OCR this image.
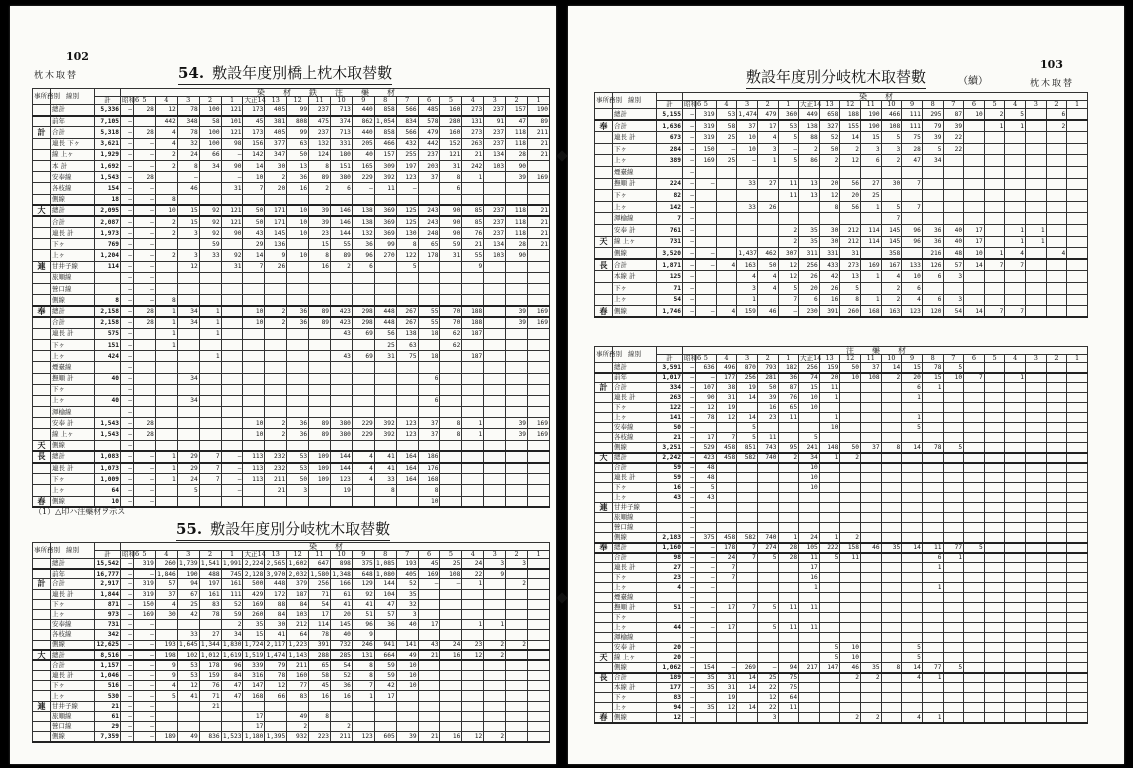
102
枕木取替	54. 敷設年度別橋上枕木取替數
事所務別	線別		染材鉄注藥材																			
		計	昭和6	5	4	3	2	1	大正14	13	12	11	10	9	8	7	6	5	4	3	2	1
	總計	5,336	—	28	12	78	100	121	173	405	99	237	713	440	858	566	485	160	273	237	157	190
	前年	7,105	—		442	348	58	101	45	381	808	475	374	862	1,054	834	578	280	131	91	47	89
計	合計	5,318	—	28	4	78	100	121	173	405	99	237	713	440	858	566	479	160	273	237	118	211
	連長 下ヶ	3,621	—	—	4	32	100	98	156	377	63	132	331	205	466	432	442	152	263	237	118	21
	線 上ヶ	1,929	—	—	2	24	66	—	142	347	50	124	180	40	157	255	237	121	21	134	28	21
	本 計	1,692	—	—	2	8	34	90	14	30	13	8	151	165	309	197	203	31	242	103	90	
	安奉線	1,543	—	28		—		—	10	2	36	89	380	229	392	123	37	8	1		39	169
	各枝線	154	—	—		46		31	7	20	16	2	6	—	11	—		6				
	側線	18	—	—	8																	
大	總計	2,095	—	—	10	15	92	121	50	171	10	39	146	138	369	125	243	90	85	237	118	21
	合計	2,087	—	—	2	15	92	121	50	171	10	39	146	138	369	125	243	90	85	237	118	21
	連長 計	1,973	—	—	2	3	92	90	43	145	10	23	144	132	369	130	248	90	76	237	118	21
	下ヶ	769	—	—			59		29	136		15	55	36	99	8	65	59	21	134	28	21
	上ヶ	1,204	—	—	2	3	33	92	14	9	10	8	89	96	270	122	178	31	55	103	90	
連	甘井子線	114	—	—		12		31	7	26		16	2	6		5			9			
	旅順線		—	—																		
	營口線		—	—																		
	側線	8	—	—	8																	
奉	總計	2,158	—	28	1	34	1		10	2	36	89	423	298	448	267	55	70	188		39	169
	合計	2,158	—	28	1	34	1		10	2	36	89	423	298	448	267	55	70	188		39	169
	連長 計	575	—		1		1						43	69	56	138	18	62	187			
	下ヶ	151	—		1										25	63		62				
	上ヶ	424	—				1						43	69	31	75	18		187			
	煙臺線		—																			
	撫順 計	40	—			34											6					
	下ヶ		—																			
	上ヶ	40	—			34											6					
	渾榆線		—																			
	安奉 計	1,543	—	28					10	2	36	89	380	229	392	123	37	8	1		39	169
	線 上ヶ	1,543	—	28					10	2	36	89	380	229	392	123	37	8	1		39	169
天	側線		—																			
長	總計	1,083	—	—	1	29	7	—	113	232	53	109	144	4	41	164	186					
	連長 計	1,073	—	—	1	29	7	—	113	232	53	109	144	4	41	164	176					
	下ヶ	1,009	—	—	1	24	7	—	113	211	50	109	123	4	33	164	168					
	上ヶ	64	—	—		5		—		21	3		19		8		8					
春	側線	10	—	—													10					
（1）△印ハ注藥材ヲ示ス
55. 敷設年度別分岐枕木取替數
事所務別	線別		染材																			
		計	昭和6	5	4	3	2	1	大正14	13	12	11	10	9	8	7	6	5	4	3	2	1
	總計	15,542	—	319	260	1,739	1,541	1,991	2,224	2,565	1,602	647	898	375	1,085	193	45	25	24	3	3	
	前年	16,777	—	—	1,846	190	488	745	2,128	3,970	2,032	1,580	1,348	648	1,080	405	169	108	22	9		
計	合計	2,917	—	319	57	94	197	161	500	448	379	256	166	129	144	52	—	—	1		2	
	連長 計	1,844	—	319	37	67	161	111	429	172	187	71	61	92	104	35						
	下ヶ	871	—	150	4	25	83	52	169	88	84	54	41	41	47	32						
	上ヶ	973	—	169	30	42	78	59	260	84	103	17	20	51	57	3						
	安奉線	731	—	—				2	35	30	212	114	145	96	36	40	17		1	1		
	各枝線	342	—	—		33	27	34	15	41	64	78	40	9								
	側線	12,625	—	—	193	1,645	1,344	1,830	1,724	2,117	1,223	391	732	246	941	141	43	24	23	2	2	
大	總計	8,516	—	—	198	102	1,012	1,619	1,519	1,474	1,143	288	285	131	664	49	21	16	12	2		
	合計	1,157	—	—	9	53	178	96	339	79	211	65	54	8	59	10						
	連長 計	1,046	—	—	9	53	159	84	316	78	160	58	52	8	59	10						
	下ヶ	516	—	—	4	12	76	47	147	12	77	45	36	7	42	10						
	上ヶ	530	—	—	5	41	71	47	168	66	83	16	16	1	17							
連	甘井子線	21	—	—			21															
	旅順線	61	—	—					17		49	8										
	營口線	29	—	—					17		2		2									
	側線	7,359	—	—	189	49	836	1,523	1,180	1,395	932	223	211	123	605	39	21	16	12	2		
103
枕木取替
敷設年度別分岐枕木取替數	（續）
事所務別	線別		染材																			
		計	昭和6	5	4	3	2	1	大正14	13	12	11	10	9	8	7	6	5	4	3	2	1
	總計	5,155	—	319	53	1,474	479	360	449	658	188	190	466	111	295	87	10	2	5		6	
奉	合計	1,636	—	319	58	37	17	53	138	327	155	190	108	111	79	39		1	1		2	
	連長 計	673	—	319	25	10	4	5	88	52	14	15	5	75	39	22						
	下ヶ	284	—	150	—	10	3	—	2	50	2	3	3	28	5	22						
	上ヶ	389	—	169	25	—	1	5	86	2	12	6	2	47	34							
	煙臺線		—																			
	撫順 計	224	—	—		33	27	11	13	20	56	27	30	7								
	下ヶ	82	—					11	13	12	20	25										
	上ヶ	142	—			33	26			8	56	1	5	7								
	渾榆線	7	—										7									
	安奉 計	761	—					2	35	30	212	114	145	96	36	40	17		1	1		
天	線 上ヶ	731	—					2	35	30	212	114	145	96	36	40	17		1	1		
	側線	3,520	—	—		1,437	462	307	311	331	31		358		216	48	10	1	4		4	
長	合計	1,871	—	—	4	163	50	12	256	433	273	169	167	133	126	57	14	7	7			
	本線 計	125	—			4	4	12	26	42	13	1	4	10	6	3						
	下ヶ	71	—			3	4	5	20	26	5		2	6								
	上ヶ	54	—			1		7	6	16	8	1	2	4	6	3						
春	側線	1,746	—	—	4	159	46	—	230	391	260	168	163	123	120	54	14	7	7			
事所務別	線別		注藥材																			
		計	昭和6	5	4	3	2	1	大正14	13	12	11	10	9	8	7	6	5	4	3	2	1
	總計	3,591	—	636	496	870	793	182	256	159	50	37	14	15	78	5						
	前年	1,017	—	—	177	256	281	36	74	20	10	108	2	20	15	10	7		1			
計	合計	334	—	107	38	19	50	87	15	11				6	1							
	連長 計	263	—	90	31	14	39	76	10	1				1								
	下ヶ	122	—	12	19		16	65	10													
	上ヶ	141	—	78	12	14	23	11		1				1								
	安奉線	50	—			5				10				5								
	各枝線	21	—	17	7	5	11		5													
	側線	3,251	—	529	458	851	743	95	241	148	50	37	8	14	78	5						
大	總計	2,242	—	423	458	582	740	2	34	1	2											
	合計	59	—	48					10													
	連長 計	59	—	48					10													
	下ヶ	16	—	5					10													
	上ヶ	43	—	43																		
連	甘井子線		—																			
	旅順線		—																			
	營口線		—																			
	側線	2,183	—	375	458	582	740	1	24	1	2											
奉	總計	1,160	—	—	178	7	274	28	105	222	158	46	35	14	11	77	5					
	合計	98	—	—	24	7	5	28	11	5	11				6	1						
	連長 計	27	—	—	7				17						1							
	下ヶ	23	—	—	7				16													
	上ヶ	4	—	—					1						1							
	煙臺線		—																			
	撫順 計	51	—	—	17	7	5	11	11													
	下ヶ		—																			
	上ヶ	44	—	—	17		5	11	11													
	渾榆線		—																			
	安奉 計	20	—							5	10			5								
天	線 上ヶ	20	—							5	10			5								
	側線	1,062	—	154	—	269	—	94	217	147	46	35	8	14	77	5						
長	合計	189	—	35	31	14	25	75			2	2		4	1							
	本線 計	177	—	35	31	14	22	75														
	下ヶ	83	—		19		12	64														
	上ヶ	94	—	35	12	14	22	11														
春	側線	12	—				3				2	2		4	1							
